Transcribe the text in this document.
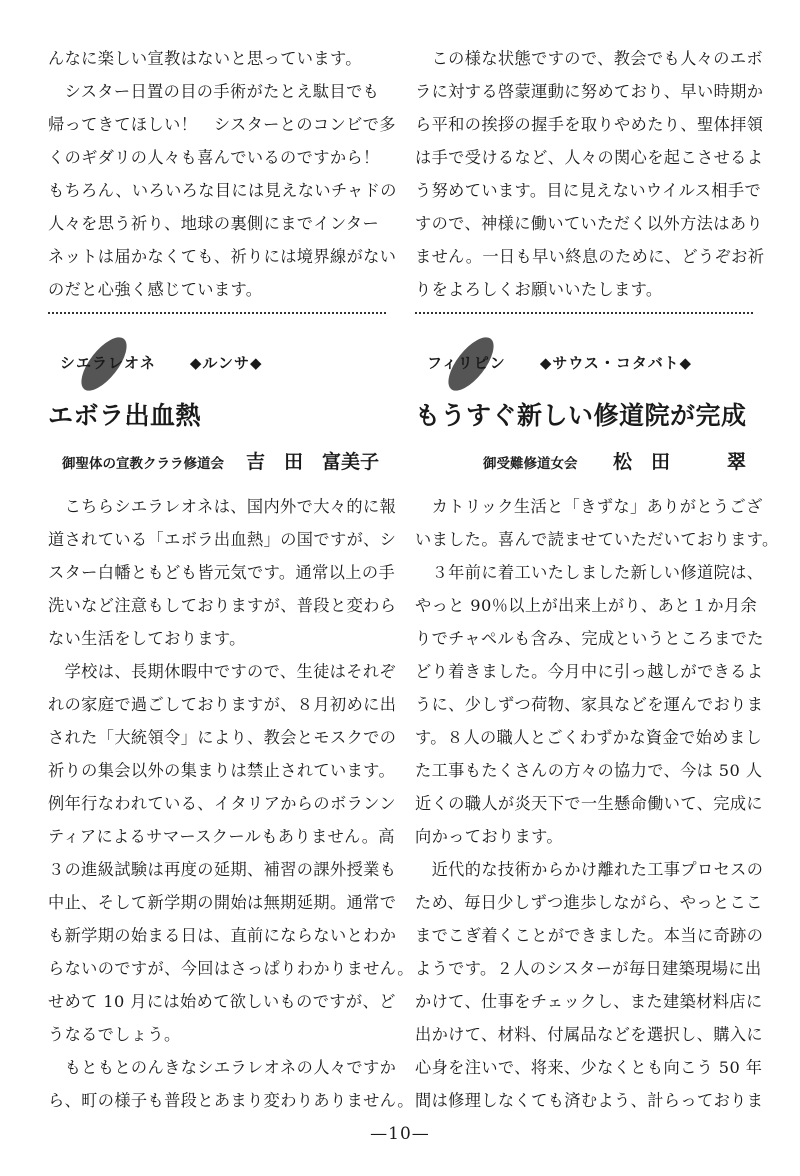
んなに楽しい宣教はないと思っています。

　シスター日置の目の手術がたとえ駄目でも

帰ってきてほしい！　シスターとのコンビで多

くのギダリの人々も喜んでいるのですから！

もちろん、いろいろな目には見えないチャドの

人々を思う祈り、地球の裏側にまでインター

ネットは届かなくても、祈りには境界線がない

のだと心強く感じています。

シエラレオネ ◆ルンサ◆
エボラ出血熱
御聖体の宣教クララ修道会 吉　田　富美子

　こちらシエラレオネは、国内外で大々的に報

道されている「エボラ出血熱」の国ですが、シ

スター白幡ともども皆元気です。通常以上の手

洗いなど注意もしておりますが、普段と変わら

ない生活をしております。

　学校は、長期休暇中ですので、生徒はそれぞ

れの家庭で過ごしておりますが、８月初めに出

された「大統領令」により、教会とモスクでの

祈りの集会以外の集まりは禁止されています。

例年行なわれている、イタリアからのボランン

ティアによるサマースクールもありません。高

３の進級試験は再度の延期、補習の課外授業も

中止、そして新学期の開始は無期延期。通常で

も新学期の始まる日は、直前にならないとわか

らないのですが、今回はさっぱりわかりません。

せめて 10 月には始めて欲しいものですが、ど

うなるでしょう。

　もともとのんきなシエラレオネの人々ですか

ら、町の様子も普段とあまり変わりありません。

　この様な状態ですので、教会でも人々のエボ

ラに対する啓蒙運動に努めており、早い時期か

ら平和の挨拶の握手を取りやめたり、聖体拝領

は手で受けるなど、人々の関心を起こさせるよ

う努めています。目に見えないウイルス相手で

すので、神様に働いていただく以外方法はあり

ません。一日も早い終息のために、どうぞお祈

りをよろしくお願いいたします。

フィリピン ◆サウス・コタバト◆
もうすぐ新しい修道院が完成
御受難修道女会 松　田　　　翠

　カトリック生活と「きずな」ありがとうござ

いました。喜んで読ませていただいております。

　３年前に着工いたしました新しい修道院は、

やっと 90％以上が出来上がり、あと１か月余

りでチャペルも含み、完成というところまでた

どり着きました。今月中に引っ越しができるよ

うに、少しずつ荷物、家具などを運んでおりま

す。８人の職人とごくわずかな資金で始めまし

た工事もたくさんの方々の協力で、今は 50 人

近くの職人が炎天下で一生懸命働いて、完成に

向かっております。

　近代的な技術からかけ離れた工事プロセスの

ため、毎日少しずつ進歩しながら、やっとここ

までこぎ着くことができました。本当に奇跡の

ようです。２人のシスターが毎日建築現場に出

かけて、仕事をチェックし、また建築材料店に

出かけて、材料、付属品などを選択し、購入に

心身を注いで、将来、少なくとも向こう 50 年

間は修理しなくても済むよう、計らっておりま

—10—
